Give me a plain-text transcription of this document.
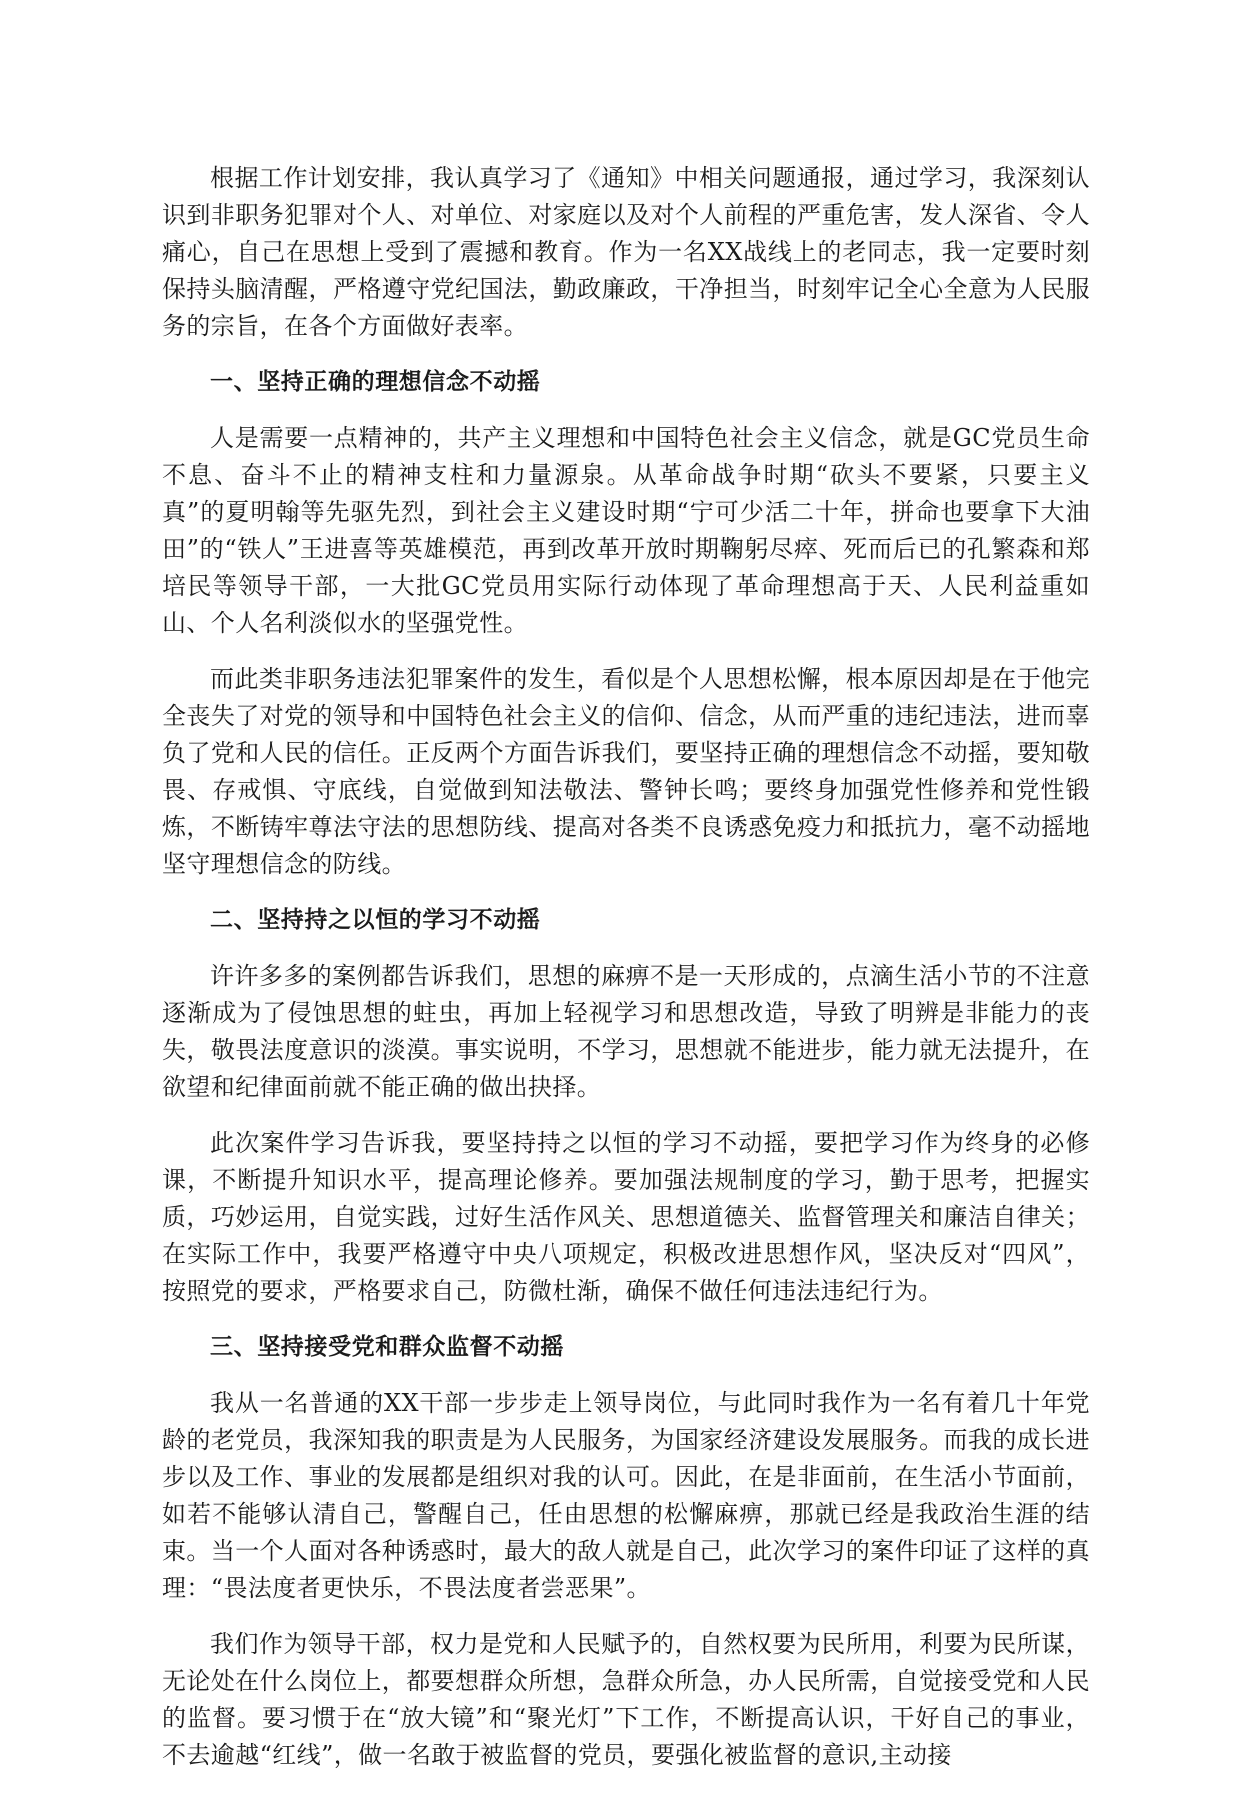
根据工作计划安排，我认真学习了《通知》中相关问题通报，通过学习，我深刻认识到非职务犯罪对个人、对单位、对家庭以及对个人前程的严重危害，发人深省、令人痛心，自己在思想上受到了震撼和教育。作为一名XX战线上的老同志，我一定要时刻保持头脑清醒，严格遵守党纪国法，勤政廉政，干净担当，时刻牢记全心全意为人民服务的宗旨，在各个方面做好表率。

一、坚持正确的理想信念不动摇

人是需要一点精神的，共产主义理想和中国特色社会主义信念，就是GC党员生命不息、奋斗不止的精神支柱和力量源泉。从革命战争时期“砍头不要紧，只要主义真”的夏明翰等先驱先烈，到社会主义建设时期“宁可少活二十年，拼命也要拿下大油田”的“铁人”王进喜等英雄模范，再到改革开放时期鞠躬尽瘁、死而后已的孔繁森和郑培民等领导干部，一大批GC党员用实际行动体现了革命理想高于天、人民利益重如山、个人名利淡似水的坚强党性。

而此类非职务违法犯罪案件的发生，看似是个人思想松懈，根本原因却是在于他完全丧失了对党的领导和中国特色社会主义的信仰、信念，从而严重的违纪违法，进而辜负了党和人民的信任。正反两个方面告诉我们，要坚持正确的理想信念不动摇，要知敬畏、存戒惧、守底线，自觉做到知法敬法、警钟长鸣；要终身加强党性修养和党性锻炼，不断铸牢尊法守法的思想防线、提高对各类不良诱惑免疫力和抵抗力，毫不动摇地坚守理想信念的防线。

二、坚持持之以恒的学习不动摇

许许多多的案例都告诉我们，思想的麻痹不是一天形成的，点滴生活小节的不注意逐渐成为了侵蚀思想的蛀虫，再加上轻视学习和思想改造，导致了明辨是非能力的丧失，敬畏法度意识的淡漠。事实说明，不学习，思想就不能进步，能力就无法提升，在欲望和纪律面前就不能正确的做出抉择。

此次案件学习告诉我，要坚持持之以恒的学习不动摇，要把学习作为终身的必修课，不断提升知识水平，提高理论修养。要加强法规制度的学习，勤于思考，把握实质，巧妙运用，自觉实践，过好生活作风关、思想道德关、监督管理关和廉洁自律关；在实际工作中，我要严格遵守中央八项规定，积极改进思想作风，坚决反对“四风”，按照党的要求，严格要求自己，防微杜渐，确保不做任何违法违纪行为。

三、坚持接受党和群众监督不动摇

我从一名普通的XX干部一步步走上领导岗位，与此同时我作为一名有着几十年党龄的老党员，我深知我的职责是为人民服务，为国家经济建设发展服务。而我的成长进步以及工作、事业的发展都是组织对我的认可。因此，在是非面前，在生活小节面前，如若不能够认清自己，警醒自己，任由思想的松懈麻痹，那就已经是我政治生涯的结束。当一个人面对各种诱惑时，最大的敌人就是自己，此次学习的案件印证了这样的真理：“畏法度者更快乐，不畏法度者尝恶果”。

我们作为领导干部，权力是党和人民赋予的，自然权要为民所用，利要为民所谋，无论处在什么岗位上，都要想群众所想，急群众所急，办人民所需，自觉接受党和人民的监督。要习惯于在“放大镜”和“聚光灯”下工作，不断提高认识，干好自己的事业，不去逾越“红线”，做一名敢于被监督的党员，要强化被监督的意识,主动接
